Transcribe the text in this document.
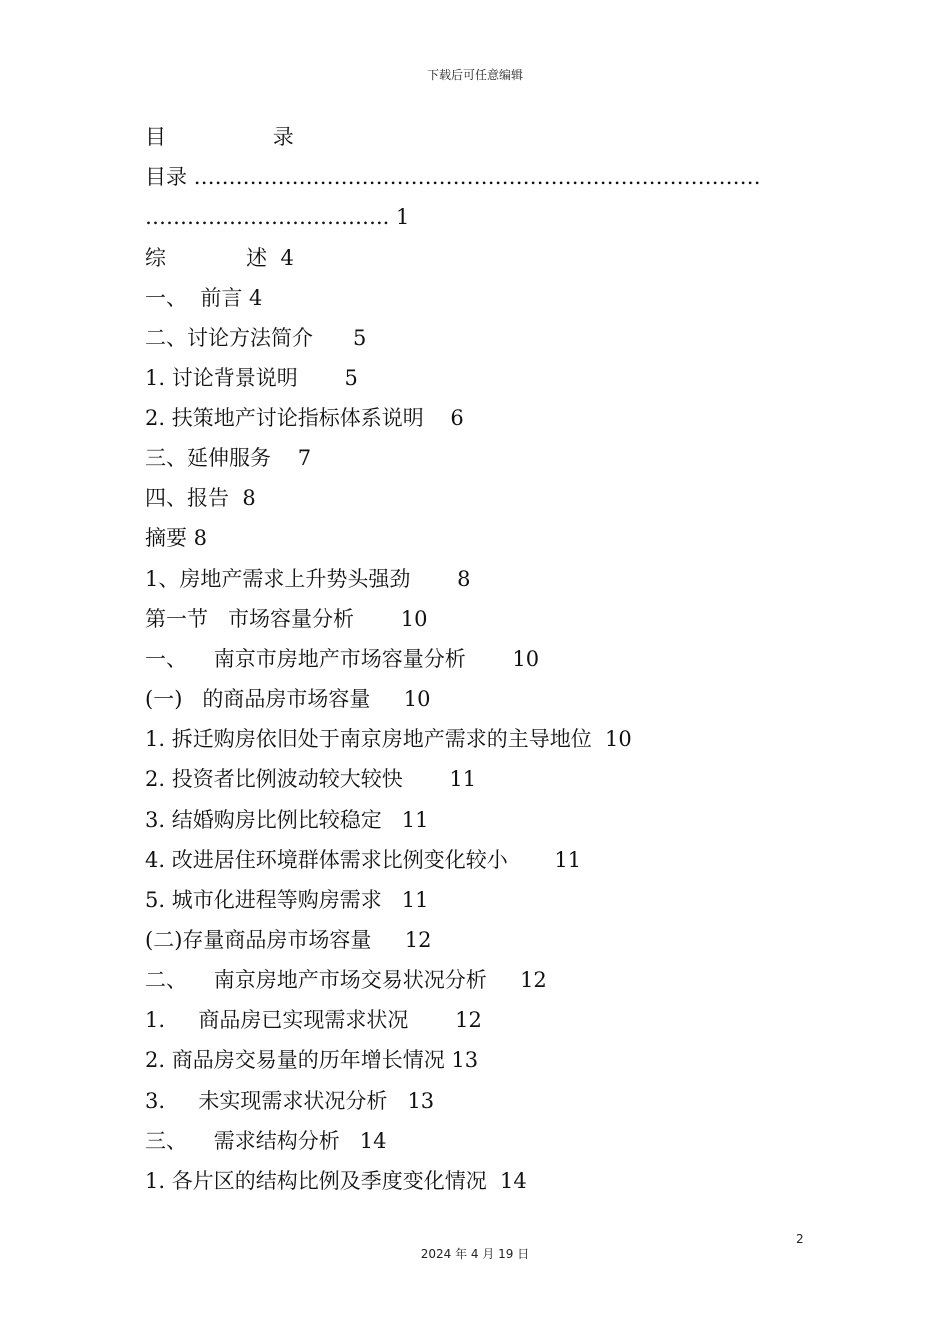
下载后可任意编辑
目                录
目录 ………………………………………………………………………
…………………………….. 1
综            述  4
一、  前言 4
二、讨论方法简介      5
1. 讨论背景说明       5
2. 扶策地产讨论指标体系说明    6
三、延伸服务    7
四、报告  8
摘要 8
1、房地产需求上升势头强劲       8
第一节   市场容量分析       10
一、    南京市房地产市场容量分析       10
(一)   的商品房市场容量     10
1. 拆迁购房依旧处于南京房地产需求的主导地位  10
2. 投资者比例波动较大较快       11
3. 结婚购房比例比较稳定   11
4. 改进居住环境群体需求比例变化较小       11
5. 城市化进程等购房需求   11
(二)存量商品房市场容量     12
二、    南京房地产市场交易状况分析     12
1.     商品房已实现需求状况       12
2. 商品房交易量的历年增长情况 13
3.     未实现需求状况分析   13
三、    需求结构分析   14
1. 各片区的结构比例及季度变化情况  14
2
2024 年 4 月 19 日
